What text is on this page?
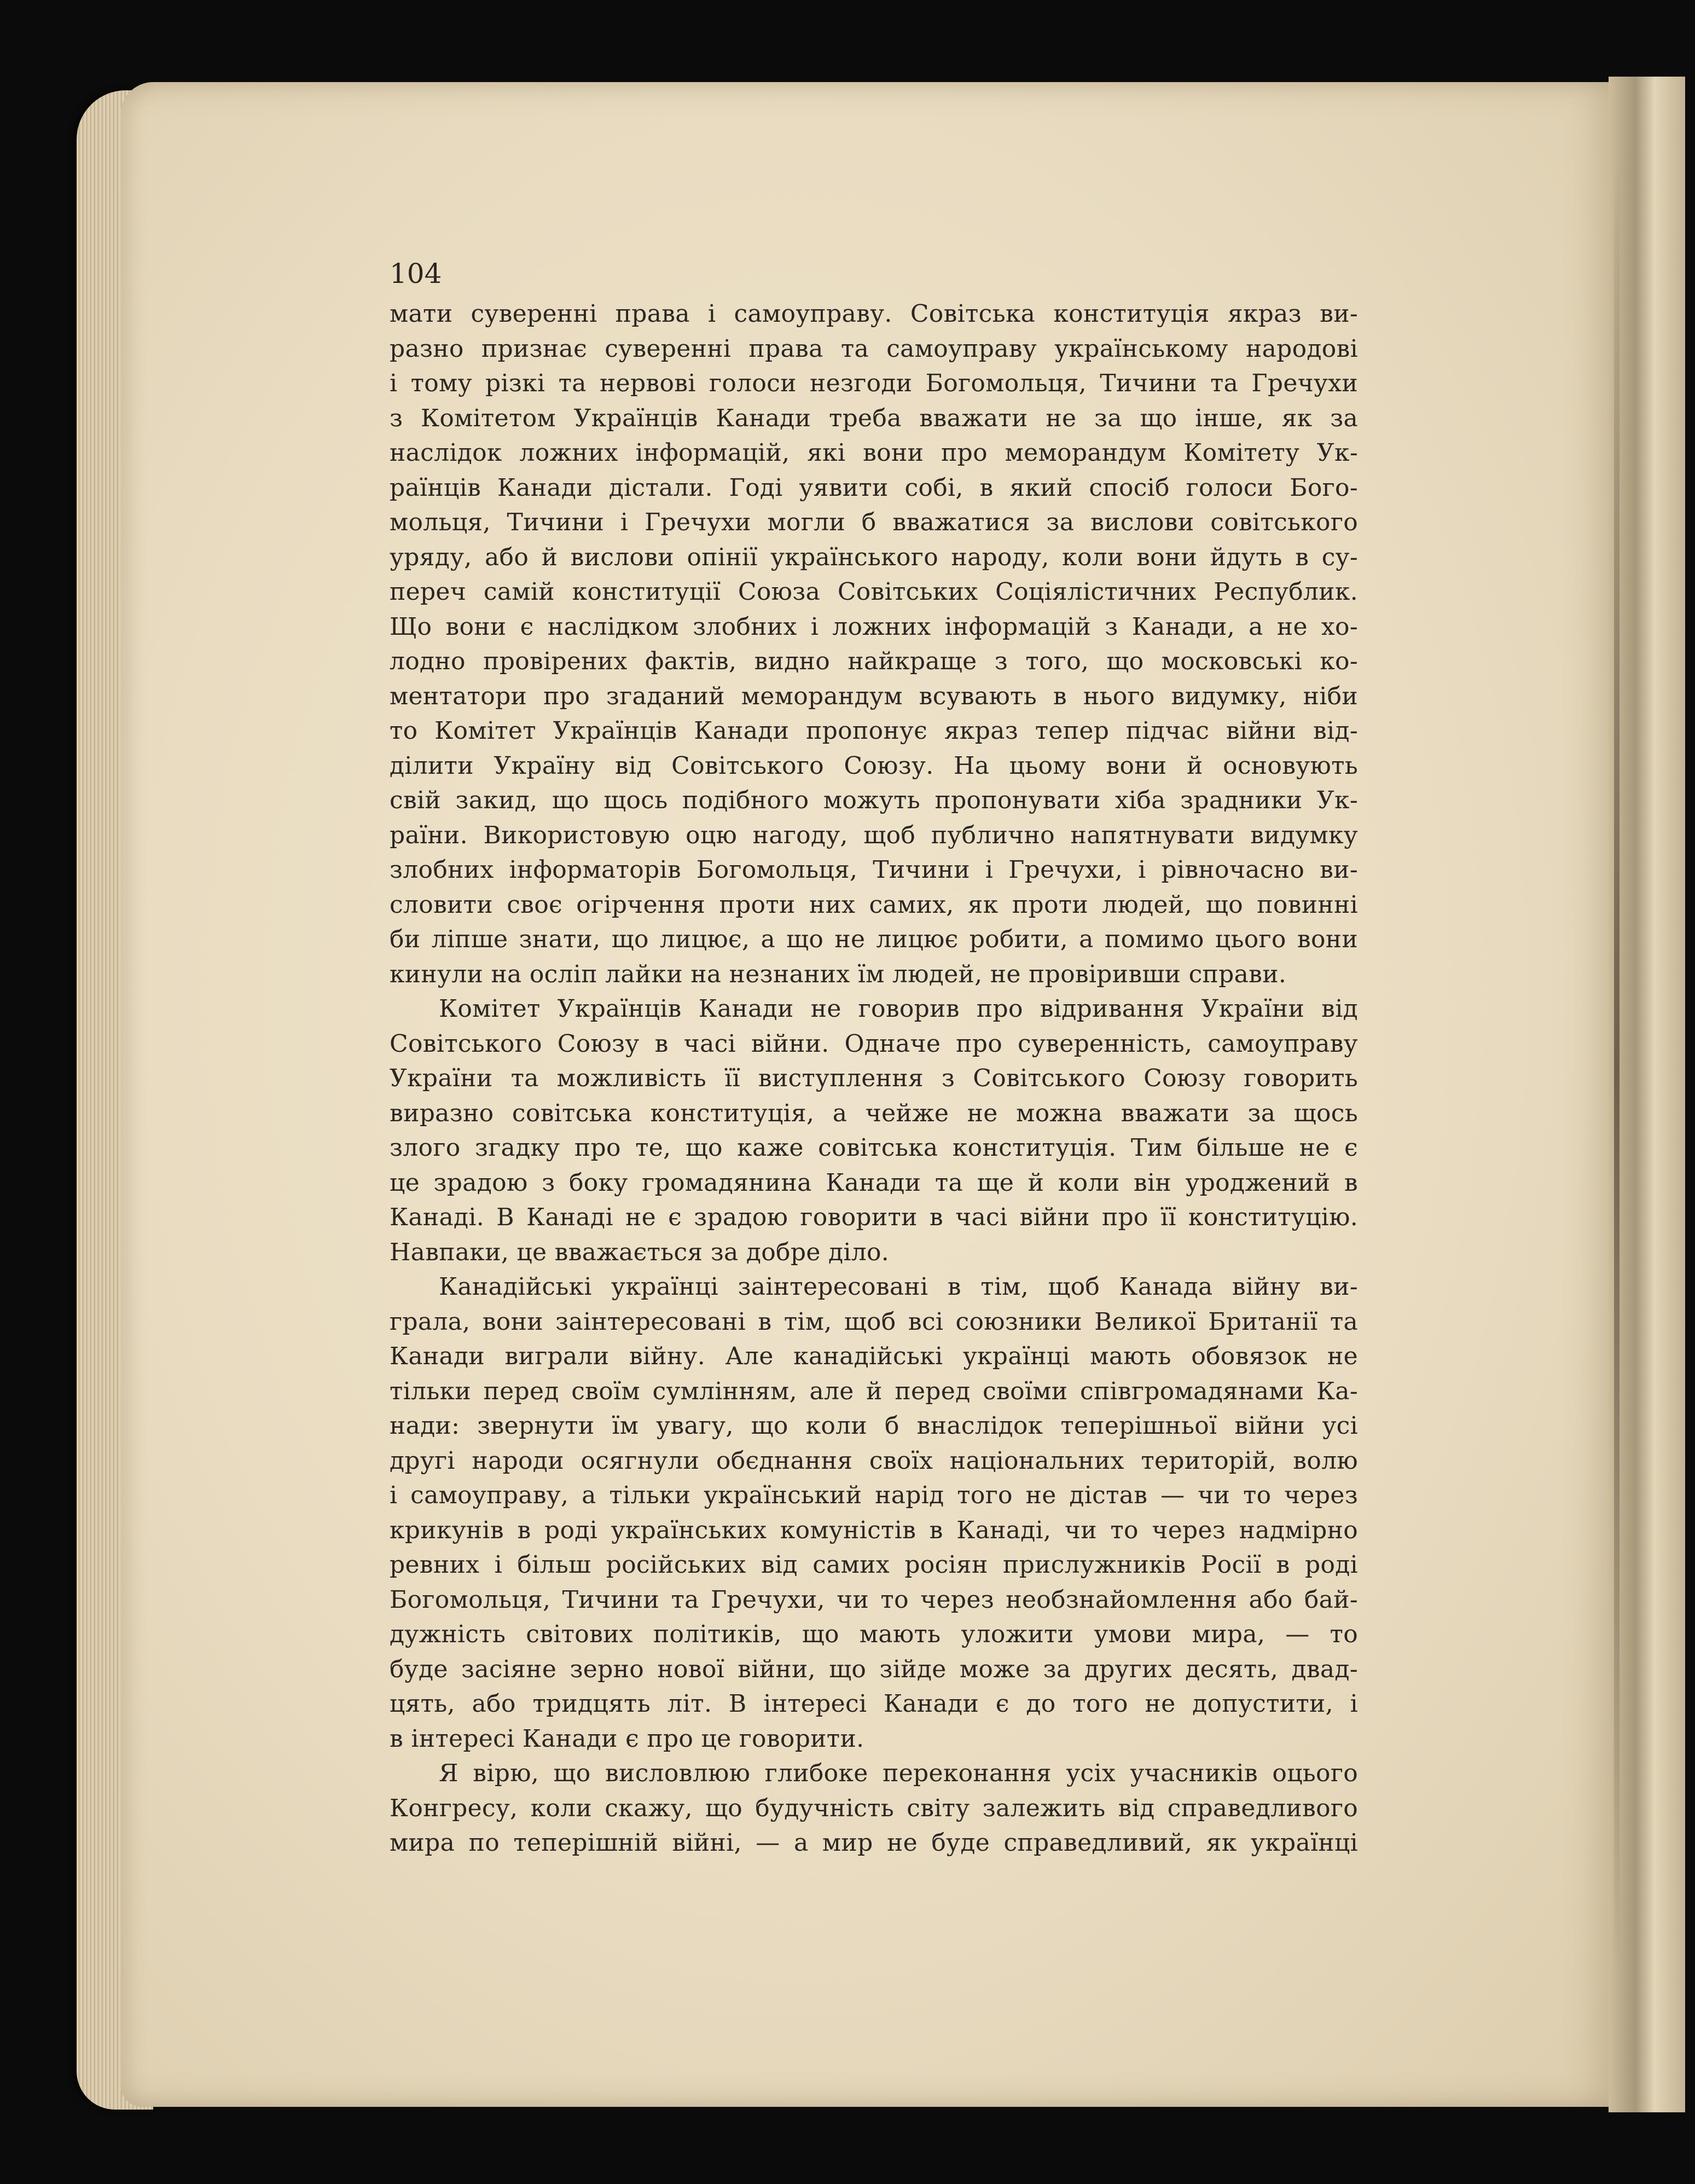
104
мати суверенні права і самоуправу. Совітська конституція якраз ви-
разно признає суверенні права та самоуправу українському народові
і тому різкі та нервові голоси незгоди Богомольця, Тичини та Гречухи
з Комітетом Українців Канади треба вважати не за що інше, як за
наслідок ложних інформацій, які вони про меморандум Комітету Ук-
раїнців Канади дістали. Годі уявити собі, в який спосіб голоси Бого-
мольця, Тичини і Гречухи могли б вважатися за вислови совітського
уряду, або й вислови опінії українського народу, коли вони йдуть в су-
переч самій конституції Союза Совітських Соціялістичних Республик.
Що вони є наслідком злобних і ложних інформацій з Канади, а не хо-
лодно провірених фактів, видно найкраще з того, що московські ко-
ментатори про згаданий меморандум всувають в нього видумку, ніби
то Комітет Українців Канади пропонує якраз тепер підчас війни від-
ділити Україну від Совітського Союзу. На цьому вони й основують
свій закид, що щось подібного можуть пропонувати хіба зрадники Ук-
раїни. Використовую оцю нагоду, щоб публично напятнувати видумку
злобних інформаторів Богомольця, Тичини і Гречухи, і рівночасно ви-
словити своє огірчення проти них самих, як проти людей, що повинні
би ліпше знати, що лицює, а що не лицює робити, а помимо цього вони
кинули на осліп лайки на незнаних їм людей, не провіривши справи.
Комітет Українців Канади не говорив про відривання України від
Совітського Союзу в часі війни. Одначе про суверенність, самоуправу
України та можливість її виступлення з Совітського Союзу говорить
виразно совітська конституція, а чейже не можна вважати за щось
злого згадку про те, що каже совітська конституція. Тим більше не є
це зрадою з боку громадянина Канади та ще й коли він уроджений в
Канаді. В Канаді не є зрадою говорити в часі війни про її конституцію.
Навпаки, це вважається за добре діло.
Канадійські українці заінтересовані в тім, щоб Канада війну ви-
грала, вони заінтересовані в тім, щоб всі союзники Великої Британії та
Канади виграли війну. Але канадійські українці мають обовязок не
тільки перед своїм сумлінням, але й перед своїми співгромадянами Ка-
нади: звернути їм увагу, що коли б внаслідок теперішньої війни усі
другі народи осягнули обєднання своїх національних територій, волю
і самоуправу, а тільки український нарід того не дістав — чи то через
крикунів в роді українських комуністів в Канаді, чи то через надмірно
ревних і більш російських від самих росіян прислужників Росії в роді
Богомольця, Тичини та Гречухи, чи то через необзнайомлення або бай-
дужність світових політиків, що мають уложити умови мира, — то
буде засіяне зерно нової війни, що зійде може за других десять, двад-
цять, або тридцять літ. В інтересі Канади є до того не допустити, і
в інтересі Канади є про це говорити.
Я вірю, що висловлюю глибоке переконання усіх учасників оцього
Конгресу, коли скажу, що будучність світу залежить від справедливого
мира по теперішній війні, — а мир не буде справедливий, як українці
